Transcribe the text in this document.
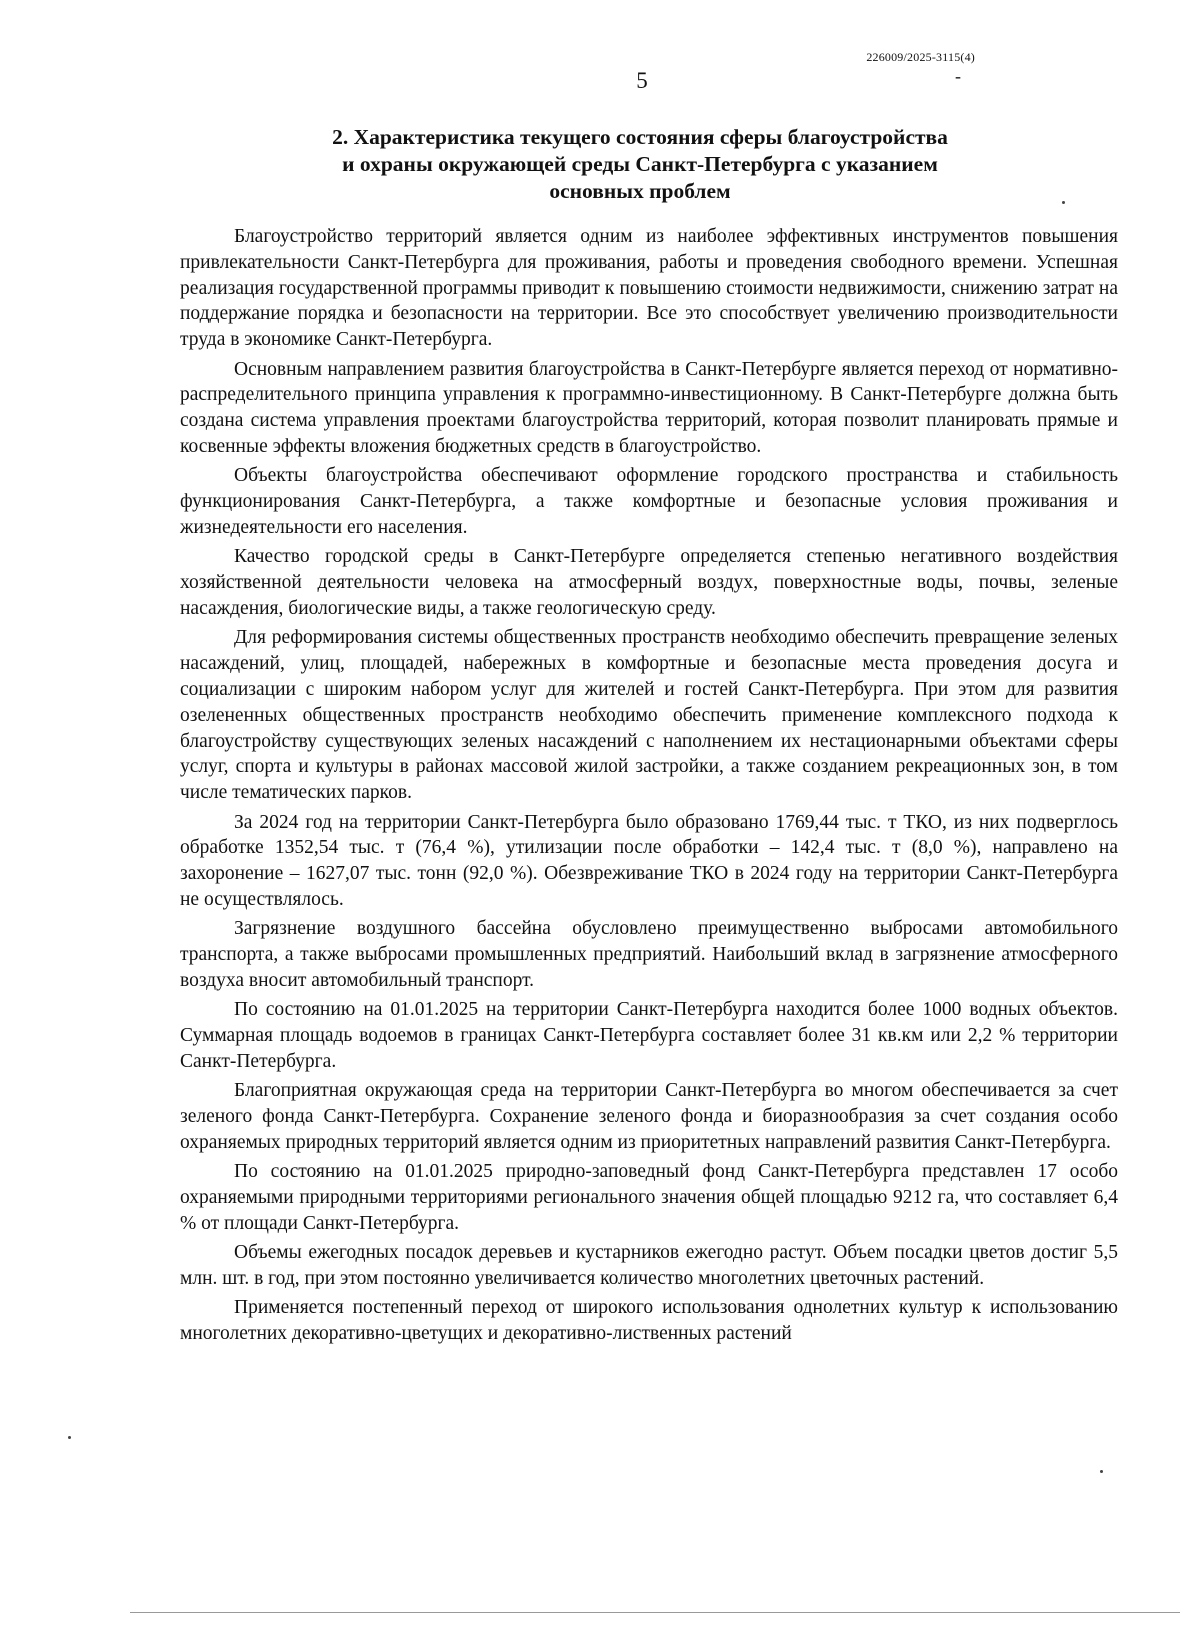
226009/2025-3115(4)
5	-
2. Характеристика текущего состояния сферы благоустройства
и охраны окружающей среды Санкт-Петербурга с указанием
основных проблем

Благоустройство территорий является одним из наиболее эффективных инструментов повышения привлекательности Санкт-Петербурга для проживания, работы и проведения свободного времени. Успешная реализация государственной программы приводит к повышению стоимости недвижимости, снижению затрат на поддержание порядка и безопасности на территории. Все это способствует увеличению производительности труда в экономике Санкт-Петербурга.

Основным направлением развития благоустройства в Санкт-Петербурге является переход от нормативно-распределительного принципа управления к программно-инвестиционному. В Санкт-Петербурге должна быть создана система управления проектами благоустройства территорий, которая позволит планировать прямые и косвенные эффекты вложения бюджетных средств в благоустройство.

Объекты благоустройства обеспечивают оформление городского пространства и стабильность функционирования Санкт-Петербурга, а также комфортные и безопасные условия проживания и жизнедеятельности его населения.

Качество городской среды в Санкт-Петербурге определяется степенью негативного воздействия хозяйственной деятельности человека на атмосферный воздух, поверхностные воды, почвы, зеленые насаждения, биологические виды, а также геологическую среду.

Для реформирования системы общественных пространств необходимо обеспечить превращение зеленых насаждений, улиц, площадей, набережных в комфортные и безопасные места проведения досуга и социализации с широким набором услуг для жителей и гостей Санкт-Петербурга. При этом для развития озелененных общественных пространств необходимо обеспечить применение комплексного подхода к благоустройству существующих зеленых насаждений с наполнением их нестационарными объектами сферы услуг, спорта и культуры в районах массовой жилой застройки, а также созданием рекреационных зон, в том числе тематических парков.

За 2024 год на территории Санкт-Петербурга было образовано 1769,44 тыс. т ТКО, из них подверглось обработке 1352,54 тыс. т (76,4 %), утилизации после обработки – 142,4 тыс. т (8,0 %), направлено на захоронение – 1627,07 тыс. тонн (92,0 %). Обезвреживание ТКО в 2024 году на территории Санкт-Петербурга не осуществлялось.

Загрязнение воздушного бассейна обусловлено преимущественно выбросами автомобильного транспорта, а также выбросами промышленных предприятий. Наибольший вклад в загрязнение атмосферного воздуха вносит автомобильный транспорт.

По состоянию на 01.01.2025 на территории Санкт-Петербурга находится более 1000 водных объектов. Суммарная площадь водоемов в границах Санкт-Петербурга составляет более 31 кв.км или 2,2 % территории Санкт-Петербурга.

Благоприятная окружающая среда на территории Санкт-Петербурга во многом обеспечивается за счет зеленого фонда Санкт-Петербурга. Сохранение зеленого фонда и биоразнообразия за счет создания особо охраняемых природных территорий является одним из приоритетных направлений развития Санкт-Петербурга.

По состоянию на 01.01.2025 природно-заповедный фонд Санкт-Петербурга представлен 17 особо охраняемыми природными территориями регионального значения общей площадью 9212 га, что составляет 6,4 % от площади Санкт-Петербурга.

Объемы ежегодных посадок деревьев и кустарников ежегодно растут. Объем посадки цветов достиг 5,5 млн. шт. в год, при этом постоянно увеличивается количество многолетних цветочных растений.

Применяется постепенный переход от широкого использования однолетних культур к использованию многолетних декоративно-цветущих и декоративно-лиственных растений
